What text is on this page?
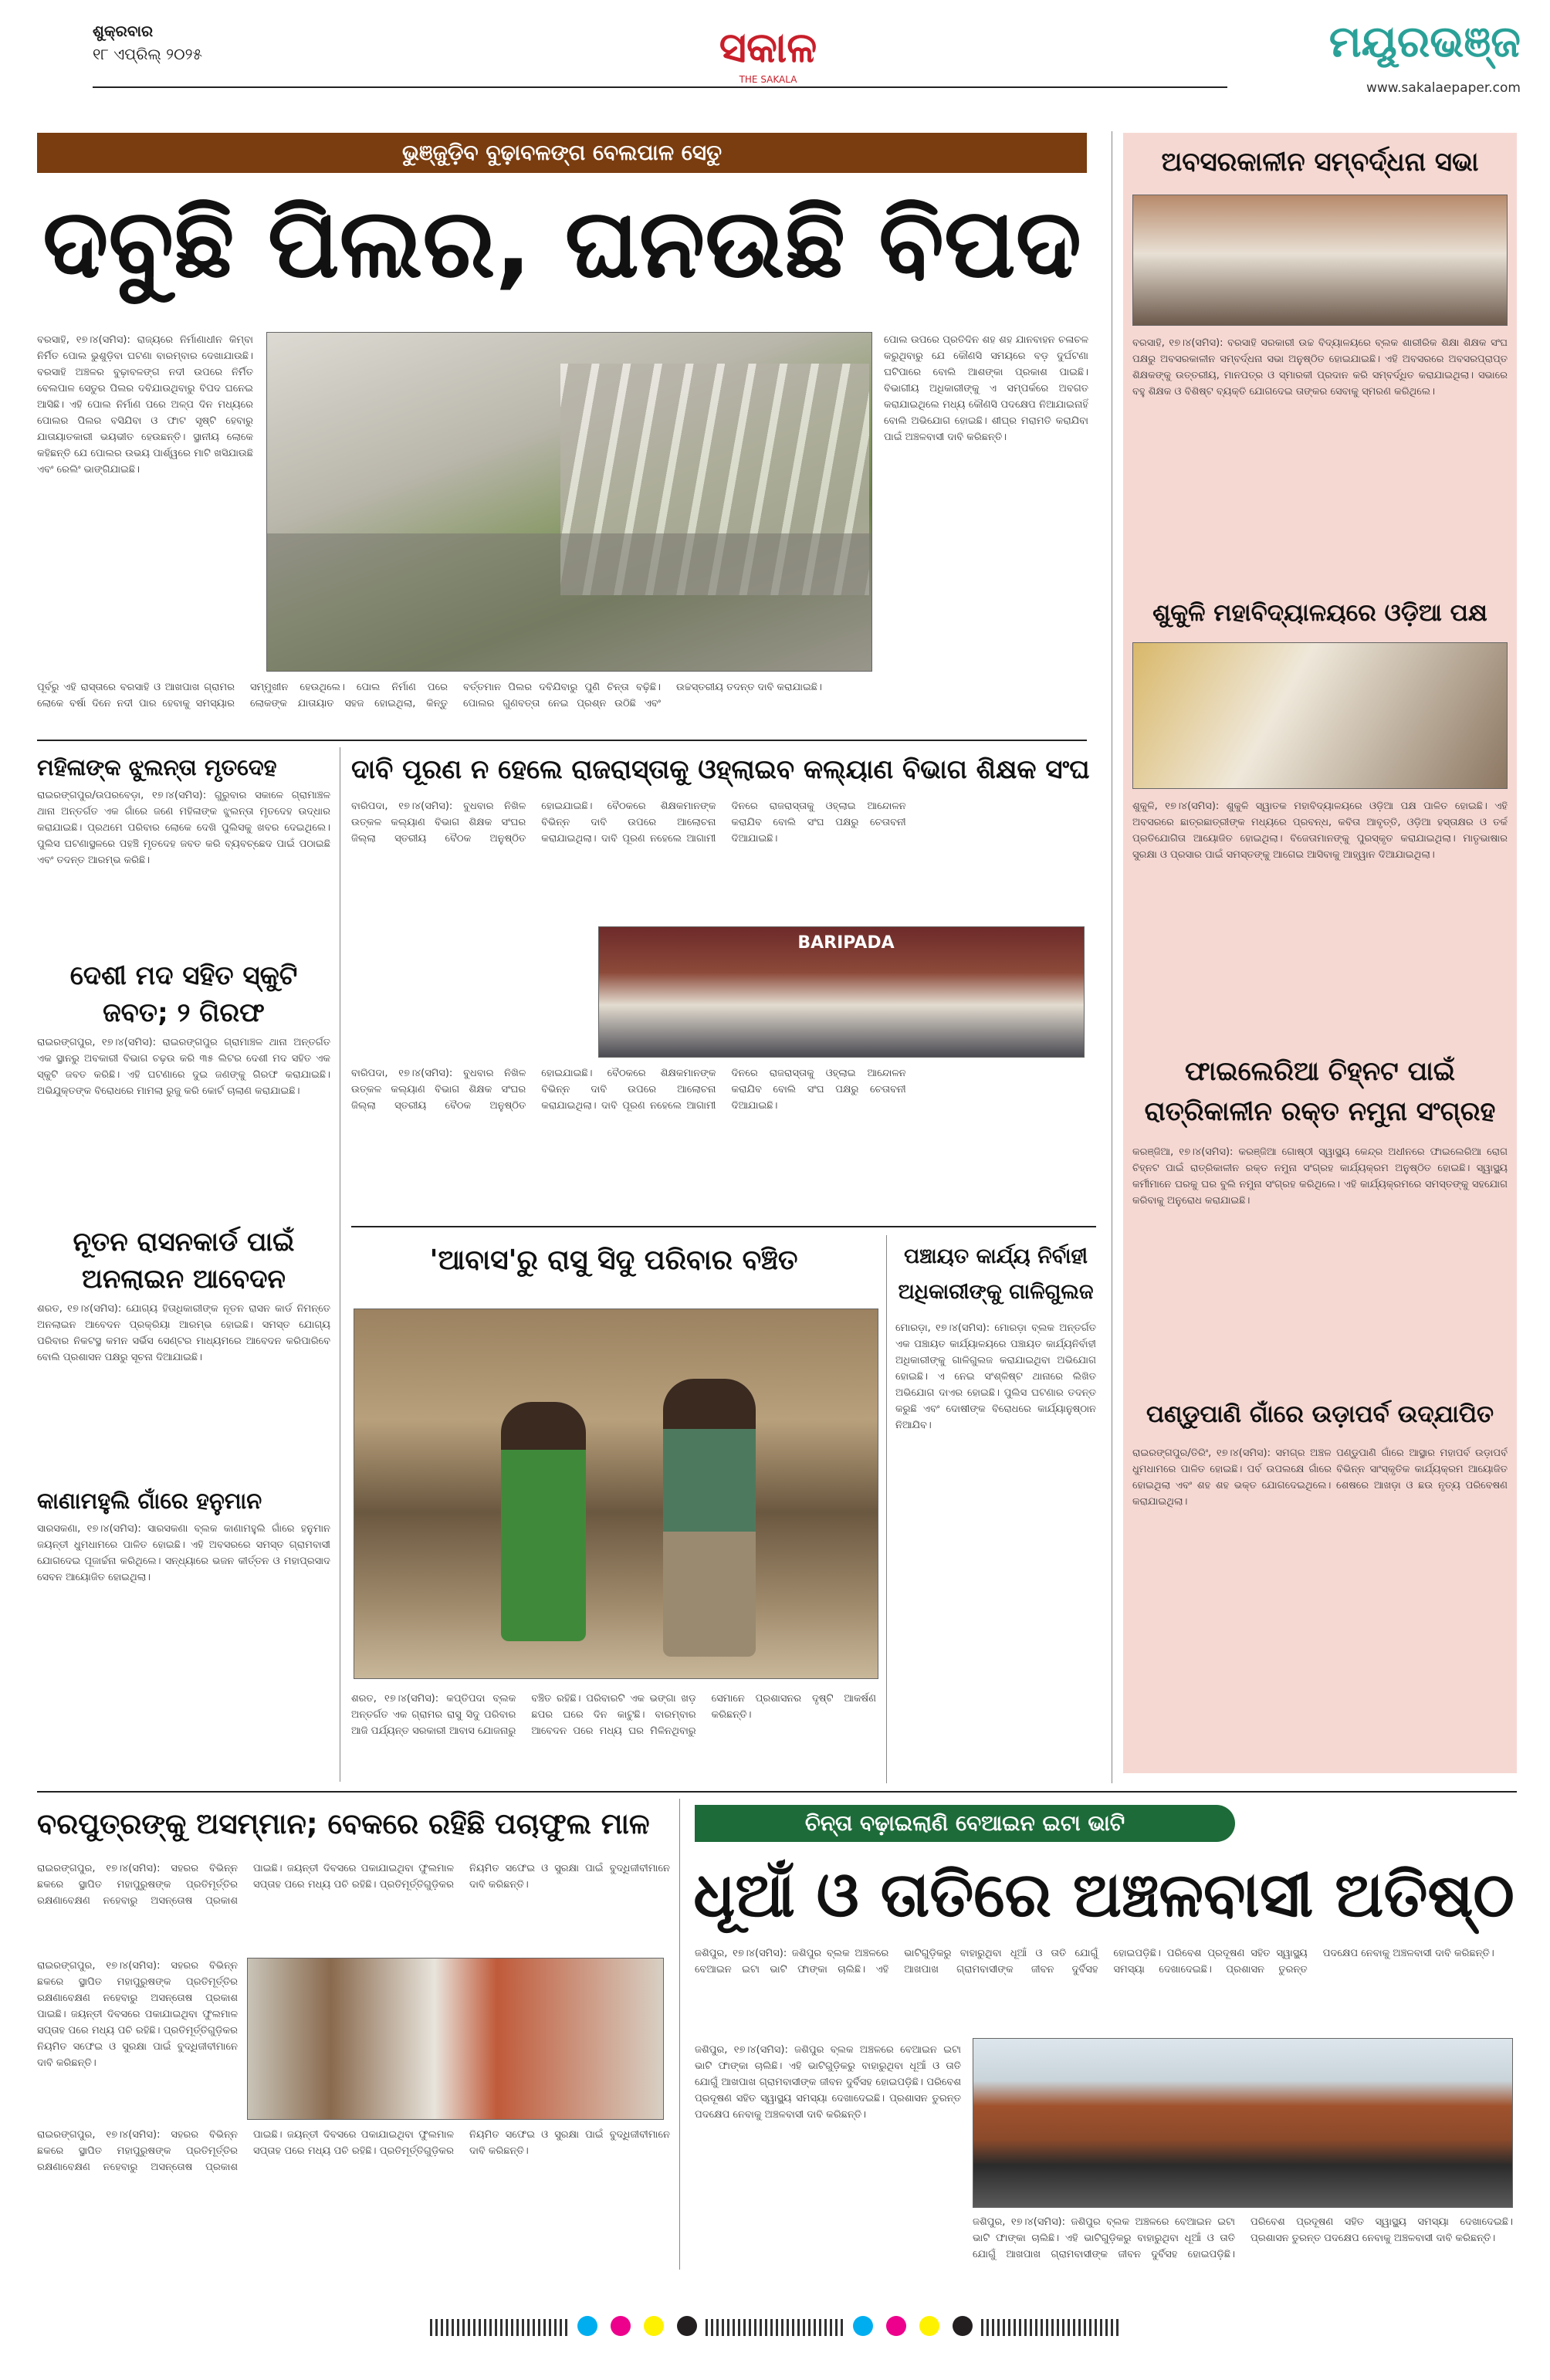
ଶୁକ୍ରବାର
୧୮ ଏପ୍ରିଲ୍ ୨୦୨୫	ସକାଳ
THE SAKALA
ମୟୂରଭଞ୍ଜ
www.sakalaepaper.com
ଭୁଞ୍ଜୁଡ଼ିବ ବୁଢ଼ାବଳଙ୍ଗ ବେଲପାଳ ସେତୁ
ଦବୁଛି ପିଲର, ଘନଉଛି ବିପଦ
ବରସାହି, ୧୭।୪(ସମିସ): ରାଜ୍ୟରେ ନିର୍ମାଣାଧୀନ କିମ୍ବା ନିର୍ମିତ ପୋଲ ଭୁଶୁଡ଼ିବା ଘଟଣା ବାରମ୍ବାର ଦେଖାଯାଉଛି। ବରସାହି ଅଞ୍ଚଳର ବୁଢ଼ାବଳଙ୍ଗ ନଦୀ ଉପରେ ନିର୍ମିତ ବେଲପାଳ ସେତୁର ପିଲର ଦବିଯାଉଥିବାରୁ ବିପଦ ଘନେଇ ଆସିଛି। ଏହି ପୋଲ ନିର୍ମାଣ ପରେ ଅଳ୍ପ ଦିନ ମଧ୍ୟରେ ପୋଲର ପିଲର ବସିଯିବା ଓ ଫାଟ ସୃଷ୍ଟି ହେବାରୁ ଯାତାୟାତକାରୀ ଭୟଭୀତ ହେଉଛନ୍ତି। ସ୍ଥାନୀୟ ଲୋକେ କହିଛନ୍ତି ଯେ ପୋଲର ଉଭୟ ପାର୍ଶ୍ୱରେ ମାଟି ଖସିଯାଉଛି ଏବଂ ରେଲିଂ ଭାଙ୍ଗିଯାଇଛି।
ପୋଲ ଉପରେ ପ୍ରତିଦିନ ଶହ ଶହ ଯାନବାହନ ଚଳାଚଳ କରୁଥିବାରୁ ଯେ କୌଣସି ସମୟରେ ବଡ଼ ଦୁର୍ଘଟଣା ଘଟିପାରେ ବୋଲି ଆଶଙ୍କା ପ୍ରକାଶ ପାଇଛି। ବିଭାଗୀୟ ଅଧିକାରୀଙ୍କୁ ଏ ସମ୍ପର୍କରେ ଅବଗତ କରାଯାଇଥିଲେ ମଧ୍ୟ କୌଣସି ପଦକ୍ଷେପ ନିଆଯାଇନାହିଁ ବୋଲି ଅଭିଯୋଗ ହୋଇଛି। ଶୀଘ୍ର ମରାମତି କରାଯିବା ପାଇଁ ଅଞ୍ଚଳବାସୀ ଦାବି କରିଛନ୍ତି।
ପୂର୍ବରୁ ଏହି ରାସ୍ତାରେ ବରସାହି ଓ ଆଖପାଖ ଗ୍ରାମର ଲୋକେ ବର୍ଷା ଦିନେ ନଦୀ ପାର ହେବାକୁ ସମସ୍ୟାର ସମ୍ମୁଖୀନ ହେଉଥିଲେ। ପୋଲ ନିର୍ମାଣ ପରେ ଲୋକଙ୍କ ଯାତାୟାତ ସହଜ ହୋଇଥିଲା, କିନ୍ତୁ ବର୍ତ୍ତମାନ ପିଲର ଦବିଯିବାରୁ ପୁଣି ଚିନ୍ତା ବଢ଼ିଛି। ପୋଲର ଗୁଣବତ୍ତା ନେଇ ପ୍ରଶ୍ନ ଉଠିଛି ଏବଂ ଉଚ୍ଚସ୍ତରୀୟ ତଦନ୍ତ ଦାବି କରାଯାଇଛି।
ଅବସରକାଳୀନ ସମ୍ବର୍ଦ୍ଧନା ସଭା
ବରସାହି, ୧୭।୪(ସମିସ): ବରସାହି ସରକାରୀ ଉଚ୍ଚ ବିଦ୍ୟାଳୟରେ ବ୍ଲକ ଶାରୀରିକ ଶିକ୍ଷା ଶିକ୍ଷକ ସଂଘ ପକ୍ଷରୁ ଅବସରକାଳୀନ ସମ୍ବର୍ଦ୍ଧନା ସଭା ଅନୁଷ୍ଠିତ ହୋଇଯାଇଛି। ଏହି ଅବସରରେ ଅବସରପ୍ରାପ୍ତ ଶିକ୍ଷକଙ୍କୁ ଉତ୍ତରୀୟ, ମାନପତ୍ର ଓ ସ୍ମାରକୀ ପ୍ରଦାନ କରି ସମ୍ବର୍ଦ୍ଧିତ କରାଯାଇଥିଲା। ସଭାରେ ବହୁ ଶିକ୍ଷକ ଓ ବିଶିଷ୍ଟ ବ୍ୟକ୍ତି ଯୋଗଦେଇ ତାଙ୍କର ସେବାକୁ ସ୍ମରଣ କରିଥିଲେ।
ଶୁକୁଳି ମହାବିଦ୍ୟାଳୟରେ ଓଡ଼ିଆ ପକ୍ଷ
ଶୁକୁଳି, ୧୭।୪(ସମିସ): ଶୁକୁଳି ସ୍ୱାତକ ମହାବିଦ୍ୟାଳୟରେ ଓଡ଼ିଆ ପକ୍ଷ ପାଳିତ ହୋଇଛି। ଏହି ଅବସରରେ ଛାତ୍ରଛାତ୍ରୀଙ୍କ ମଧ୍ୟରେ ପ୍ରବନ୍ଧ, କବିତା ଆବୃତ୍ତି, ଓଡ଼ିଆ ହସ୍ତାକ୍ଷର ଓ ତର୍କ ପ୍ରତିଯୋଗିତା ଆୟୋଜିତ ହୋଇଥିଲା। ବିଜେତାମାନଙ୍କୁ ପୁରସ୍କୃତ କରାଯାଇଥିଲା। ମାତୃଭାଷାର ସୁରକ୍ଷା ଓ ପ୍ରସାର ପାଇଁ ସମସ୍ତଙ୍କୁ ଆଗେଇ ଆସିବାକୁ ଆହ୍ୱାନ ଦିଆଯାଇଥିଲା।
ଫାଇଲେରିଆ ଚିହ୍ନଟ ପାଇଁ ରାତ୍ରିକାଳୀନ ରକ୍ତ ନମୁନା ସଂଗ୍ରହ
କରଞ୍ଜିଆ, ୧୭।୪(ସମିସ): କରଞ୍ଜିଆ ଗୋଷ୍ଠୀ ସ୍ୱାସ୍ଥ୍ୟ କେନ୍ଦ୍ର ଅଧୀନରେ ଫାଇଲେରିଆ ରୋଗ ଚିହ୍ନଟ ପାଇଁ ରାତ୍ରିକାଳୀନ ରକ୍ତ ନମୁନା ସଂଗ୍ରହ କାର୍ଯ୍ୟକ୍ରମ ଅନୁଷ୍ଠିତ ହୋଇଛି। ସ୍ୱାସ୍ଥ୍ୟ କର୍ମୀମାନେ ଘରକୁ ଘର ବୁଲି ନମୁନା ସଂଗ୍ରହ କରିଥିଲେ। ଏହି କାର୍ଯ୍ୟକ୍ରମରେ ସମସ୍ତଙ୍କୁ ସହଯୋଗ କରିବାକୁ ଅନୁରୋଧ କରାଯାଇଛି।
ପଣ୍ଡୁପାଣି ଗାଁରେ ଉଡ଼ାପର୍ବ ଉଦ୍‌ଯାପିତ
ରାଇରଙ୍ଗପୁର/ତିରିଂ, ୧୭।୪(ସମିସ): ସମଗ୍ର ଅଞ୍ଚଳ ପଣ୍ଡୁପାଣି ଗାଁରେ ଆସ୍ଥାର ମହାପର୍ବ ଉଡ଼ାପର୍ବ ଧୁମଧାମରେ ପାଳିତ ହୋଇଛି। ପର୍ବ ଉପଲକ୍ଷେ ଗାଁରେ ବିଭିନ୍ନ ସାଂସ୍କୃତିକ କାର୍ଯ୍ୟକ୍ରମ ଆୟୋଜିତ ହୋଇଥିଲା ଏବଂ ଶହ ଶହ ଭକ୍ତ ଯୋଗଦେଇଥିଲେ। ଶେଷରେ ଆଖଡ଼ା ଓ ଛଉ ନୃତ୍ୟ ପରିବେଷଣ କରାଯାଇଥିଲା।
ମହିଳାଙ୍କ ଝୁଲନ୍ତା ମୃତଦେହ
ରାଇରଙ୍ଗପୁର/ଉପରବେଡ଼ା, ୧୭।୪(ସମିସ): ଗୁରୁବାର ସକାଳେ ଗ୍ରାମାଞ୍ଚଳ ଥାନା ଅନ୍ତର୍ଗତ ଏକ ଗାଁରେ ଜଣେ ମହିଳାଙ୍କ ଝୁଲନ୍ତା ମୃତଦେହ ଉଦ୍ଧାର କରାଯାଇଛି। ପ୍ରଥମେ ପରିବାର ଲୋକେ ଦେଖି ପୁଲିସକୁ ଖବର ଦେଇଥିଲେ। ପୁଲିସ ଘଟଣାସ୍ଥଳରେ ପହଞ୍ଚି ମୃତଦେହ ଜବତ କରି ବ୍ୟବଚ୍ଛେଦ ପାଇଁ ପଠାଇଛି ଏବଂ ତଦନ୍ତ ଆରମ୍ଭ କରିଛି।
ଦେଶୀ ମଦ ସହିତ ସ୍କୁଟି ଜବତ; ୨ ଗିରଫ
ରାଇରଙ୍ଗପୁର, ୧୭।୪(ସମିସ): ରାଇରଙ୍ଗପୁର ଗ୍ରାମାଞ୍ଚଳ ଥାନା ଅନ୍ତର୍ଗତ ଏକ ସ୍ଥାନରୁ ଅବକାରୀ ବିଭାଗ ଚଢ଼ଉ କରି ୩୫ ଲିଟର ଦେଶୀ ମଦ ସହିତ ଏକ ସ୍କୁଟି ଜବତ କରିଛି। ଏହି ଘଟଣାରେ ଦୁଇ ଜଣଙ୍କୁ ଗିରଫ କରାଯାଇଛି। ଅଭିଯୁକ୍ତଙ୍କ ବିରୋଧରେ ମାମଲା ରୁଜୁ କରି କୋର୍ଟ ଚାଲାଣ କରାଯାଇଛି।
ନୂତନ ରାସନକାର୍ଡ ପାଇଁ ଅନଲାଇନ ଆବେଦନ
ଶରତ, ୧୭।୪(ସମିସ): ଯୋଗ୍ୟ ହିତାଧିକାରୀଙ୍କ ନୂତନ ରାସନ କାର୍ଡ ନିମନ୍ତେ ଅନଲାଇନ ଆବେଦନ ପ୍ରକ୍ରିୟା ଆରମ୍ଭ ହୋଇଛି। ସମସ୍ତ ଯୋଗ୍ୟ ପରିବାର ନିକଟସ୍ଥ କମନ ସର୍ଭିସ ସେଣ୍ଟର ମାଧ୍ୟମରେ ଆବେଦନ କରିପାରିବେ ବୋଲି ପ୍ରଶାସନ ପକ୍ଷରୁ ସୂଚନା ଦିଆଯାଇଛି।
କାଣାମହୁଲି ଗାଁରେ ହନୁମାନ
ସାରସକଣା, ୧୭।୪(ସମିସ): ସାରସକଣା ବ୍ଲକ କାଣାମହୁଲି ଗାଁରେ ହନୁମାନ ଜୟନ୍ତୀ ଧୁମଧାମରେ ପାଳିତ ହୋଇଛି। ଏହି ଅବସରରେ ସମସ୍ତ ଗ୍ରାମବାସୀ ଯୋଗଦେଇ ପୂଜାର୍ଚ୍ଚନା କରିଥିଲେ। ସନ୍ଧ୍ୟାରେ ଭଜନ କୀର୍ତ୍ତନ ଓ ମହାପ୍ରସାଦ ସେବନ ଆୟୋଜିତ ହୋଇଥିଲା।
ଦାବି ପୂରଣ ନ ହେଲେ ରାଜରାସ୍ତାକୁ ଓହ୍ଲାଇବ କଲ୍ୟାଣ ବିଭାଗ ଶିକ୍ଷକ ସଂଘ
ବାରିପଦା, ୧୭।୪(ସମିସ): ବୁଧବାର ନିଖିଳ ଉତ୍କଳ କଲ୍ୟାଣ ବିଭାଗ ଶିକ୍ଷକ ସଂଘର ଜିଲ୍ଲା ସ୍ତରୀୟ ବୈଠକ ଅନୁଷ୍ଠିତ ହୋଇଯାଇଛି। ବୈଠକରେ ଶିକ୍ଷକମାନଙ୍କ ବିଭିନ୍ନ ଦାବି ଉପରେ ଆଲୋଚନା କରାଯାଇଥିଲା। ଦାବି ପୂରଣ ନହେଲେ ଆଗାମୀ ଦିନରେ ରାଜରାସ୍ତାକୁ ଓହ୍ଲାଇ ଆନ୍ଦୋଳନ କରାଯିବ ବୋଲି ସଂଘ ପକ୍ଷରୁ ଚେତାବନୀ ଦିଆଯାଇଛି।
BARIPADA
ବାରିପଦା, ୧୭।୪(ସମିସ): ବୁଧବାର ନିଖିଳ ଉତ୍କଳ କଲ୍ୟାଣ ବିଭାଗ ଶିକ୍ଷକ ସଂଘର ଜିଲ୍ଲା ସ୍ତରୀୟ ବୈଠକ ଅନୁଷ୍ଠିତ ହୋଇଯାଇଛି। ବୈଠକରେ ଶିକ୍ଷକମାନଙ୍କ ବିଭିନ୍ନ ଦାବି ଉପରେ ଆଲୋଚନା କରାଯାଇଥିଲା। ଦାବି ପୂରଣ ନହେଲେ ଆଗାମୀ ଦିନରେ ରାଜରାସ୍ତାକୁ ଓହ୍ଲାଇ ଆନ୍ଦୋଳନ କରାଯିବ ବୋଲି ସଂଘ ପକ୍ଷରୁ ଚେତାବନୀ ଦିଆଯାଇଛି।
'ଆବାସ'ରୁ ରାସୁ ସିଦୁ ପରିବାର ବଞ୍ଚିତ
ଶରତ, ୧୭।୪(ସମିସ): କପ୍ତିପଦା ବ୍ଲକ ଅନ୍ତର୍ଗତ ଏକ ଗ୍ରାମର ରାସୁ ସିଦୁ ପରିବାର ଆଜି ପର୍ଯ୍ୟନ୍ତ ସରକାରୀ ଆବାସ ଯୋଜନାରୁ ବଞ୍ଚିତ ରହିଛି। ପରିବାରଟି ଏକ ଭଙ୍ଗା ଖଡ଼ ଛପର ଘରେ ଦିନ କାଟୁଛି। ବାରମ୍ବାର ଆବେଦନ ପରେ ମଧ୍ୟ ଘର ମିଳିନଥିବାରୁ ସେମାନେ ପ୍ରଶାସନର ଦୃଷ୍ଟି ଆକର୍ଷଣ କରିଛନ୍ତି।
ପଞ୍ଚାୟତ କାର୍ଯ୍ୟ ନିର୍ବାହୀ ଅଧିକାରୀଙ୍କୁ ଗାଳିଗୁଲଜ
ମୋରଡ଼ା, ୧୭।୪(ସମିସ): ମୋରଡ଼ା ବ୍ଲକ ଅନ୍ତର୍ଗତ ଏକ ପଞ୍ଚାୟତ କାର୍ଯ୍ୟାଳୟରେ ପଞ୍ଚାୟତ କାର୍ଯ୍ୟନିର୍ବାହୀ ଅଧିକାରୀଙ୍କୁ ଗାଳିଗୁଲଜ କରାଯାଇଥିବା ଅଭିଯୋଗ ହୋଇଛି। ଏ ନେଇ ସଂଶ୍ଳିଷ୍ଟ ଥାନାରେ ଲିଖିତ ଅଭିଯୋଗ ଦାଏର ହୋଇଛି। ପୁଲିସ ଘଟଣାର ତଦନ୍ତ କରୁଛି ଏବଂ ଦୋଷୀଙ୍କ ବିରୋଧରେ କାର୍ଯ୍ୟାନୁଷ୍ଠାନ ନିଆଯିବ।
ବରପୁତ୍ରଙ୍କୁ ଅସମ୍ମାନ; ବେକରେ ରହିଛି ପଚାଫୁଲ ମାଳ
ରାଇରଙ୍ଗପୁର, ୧୭।୪(ସମିସ): ସହରର ବିଭିନ୍ନ ଛକରେ ସ୍ଥାପିତ ମହାପୁରୁଷଙ୍କ ପ୍ରତିମୂର୍ତ୍ତିର ରକ୍ଷଣାବେକ୍ଷଣ ନହେବାରୁ ଅସନ୍ତୋଷ ପ୍ରକାଶ ପାଇଛି। ଜୟନ୍ତୀ ଦିବସରେ ପକାଯାଇଥିବା ଫୁଲମାଳ ସପ୍ତାହ ପରେ ମଧ୍ୟ ପଚି ରହିଛି। ପ୍ରତିମୂର୍ତ୍ତିଗୁଡ଼ିକର ନିୟମିତ ସଫେଇ ଓ ସୁରକ୍ଷା ପାଇଁ ବୁଦ୍ଧିଜୀବୀମାନେ ଦାବି କରିଛନ୍ତି।
ରାଇରଙ୍ଗପୁର, ୧୭।୪(ସମିସ): ସହରର ବିଭିନ୍ନ ଛକରେ ସ୍ଥାପିତ ମହାପୁରୁଷଙ୍କ ପ୍ରତିମୂର୍ତ୍ତିର ରକ୍ଷଣାବେକ୍ଷଣ ନହେବାରୁ ଅସନ୍ତୋଷ ପ୍ରକାଶ ପାଇଛି। ଜୟନ୍ତୀ ଦିବସରେ ପକାଯାଇଥିବା ଫୁଲମାଳ ସପ୍ତାହ ପରେ ମଧ୍ୟ ପଚି ରହିଛି। ପ୍ରତିମୂର୍ତ୍ତିଗୁଡ଼ିକର ନିୟମିତ ସଫେଇ ଓ ସୁରକ୍ଷା ପାଇଁ ବୁଦ୍ଧିଜୀବୀମାନେ ଦାବି କରିଛନ୍ତି।
ରାଇରଙ୍ଗପୁର, ୧୭।୪(ସମିସ): ସହରର ବିଭିନ୍ନ ଛକରେ ସ୍ଥାପିତ ମହାପୁରୁଷଙ୍କ ପ୍ରତିମୂର୍ତ୍ତିର ରକ୍ଷଣାବେକ୍ଷଣ ନହେବାରୁ ଅସନ୍ତୋଷ ପ୍ରକାଶ ପାଇଛି। ଜୟନ୍ତୀ ଦିବସରେ ପକାଯାଇଥିବା ଫୁଲମାଳ ସପ୍ତାହ ପରେ ମଧ୍ୟ ପଚି ରହିଛି। ପ୍ରତିମୂର୍ତ୍ତିଗୁଡ଼ିକର ନିୟମିତ ସଫେଇ ଓ ସୁରକ୍ଷା ପାଇଁ ବୁଦ୍ଧିଜୀବୀମାନେ ଦାବି କରିଛନ୍ତି।
ଚିନ୍ତା ବଢ଼ାଇଲାଣି ବେଆଇନ ଇଟା ଭାଟି
ଧୂଆଁ ଓ ତାତିରେ ଅଞ୍ଚଳବାସୀ ଅତିଷ୍ଠ
ଜଶିପୁର, ୧୭।୪(ସମିସ): ଜଶିପୁର ବ୍ଲକ ଅଞ୍ଚଳରେ ବେଆଇନ ଇଟା ଭାଟି ଫାଙ୍କା ଚାଲିଛି। ଏହି ଭାଟିଗୁଡ଼ିକରୁ ବାହାରୁଥିବା ଧୂଆଁ ଓ ତାତି ଯୋଗୁଁ ଆଖପାଖ ଗ୍ରାମବାସୀଙ୍କ ଜୀବନ ଦୁର୍ବିସହ ହୋଇପଡ଼ିଛି। ପରିବେଶ ପ୍ରଦୂଷଣ ସହିତ ସ୍ୱାସ୍ଥ୍ୟ ସମସ୍ୟା ଦେଖାଦେଇଛି। ପ୍ରଶାସନ ତୁରନ୍ତ ପଦକ୍ଷେପ ନେବାକୁ ଅଞ୍ଚଳବାସୀ ଦାବି କରିଛନ୍ତି।
ଜଶିପୁର, ୧୭।୪(ସମିସ): ଜଶିପୁର ବ୍ଲକ ଅଞ୍ଚଳରେ ବେଆଇନ ଇଟା ଭାଟି ଫାଙ୍କା ଚାଲିଛି। ଏହି ଭାଟିଗୁଡ଼ିକରୁ ବାହାରୁଥିବା ଧୂଆଁ ଓ ତାତି ଯୋଗୁଁ ଆଖପାଖ ଗ୍ରାମବାସୀଙ୍କ ଜୀବନ ଦୁର୍ବିସହ ହୋଇପଡ଼ିଛି। ପରିବେଶ ପ୍ରଦୂଷଣ ସହିତ ସ୍ୱାସ୍ଥ୍ୟ ସମସ୍ୟା ଦେଖାଦେଇଛି। ପ୍ରଶାସନ ତୁରନ୍ତ ପଦକ୍ଷେପ ନେବାକୁ ଅଞ୍ଚଳବାସୀ ଦାବି କରିଛନ୍ତି।
ଜଶିପୁର, ୧୭।୪(ସମିସ): ଜଶିପୁର ବ୍ଲକ ଅଞ୍ଚଳରେ ବେଆଇନ ଇଟା ଭାଟି ଫାଙ୍କା ଚାଲିଛି। ଏହି ଭାଟିଗୁଡ଼ିକରୁ ବାହାରୁଥିବା ଧୂଆଁ ଓ ତାତି ଯୋଗୁଁ ଆଖପାଖ ଗ୍ରାମବାସୀଙ୍କ ଜୀବନ ଦୁର୍ବିସହ ହୋଇପଡ଼ିଛି। ପରିବେଶ ପ୍ରଦୂଷଣ ସହିତ ସ୍ୱାସ୍ଥ୍ୟ ସମସ୍ୟା ଦେଖାଦେଇଛି। ପ୍ରଶାସନ ତୁରନ୍ତ ପଦକ୍ଷେପ ନେବାକୁ ଅଞ୍ଚଳବାସୀ ଦାବି କରିଛନ୍ତି।
